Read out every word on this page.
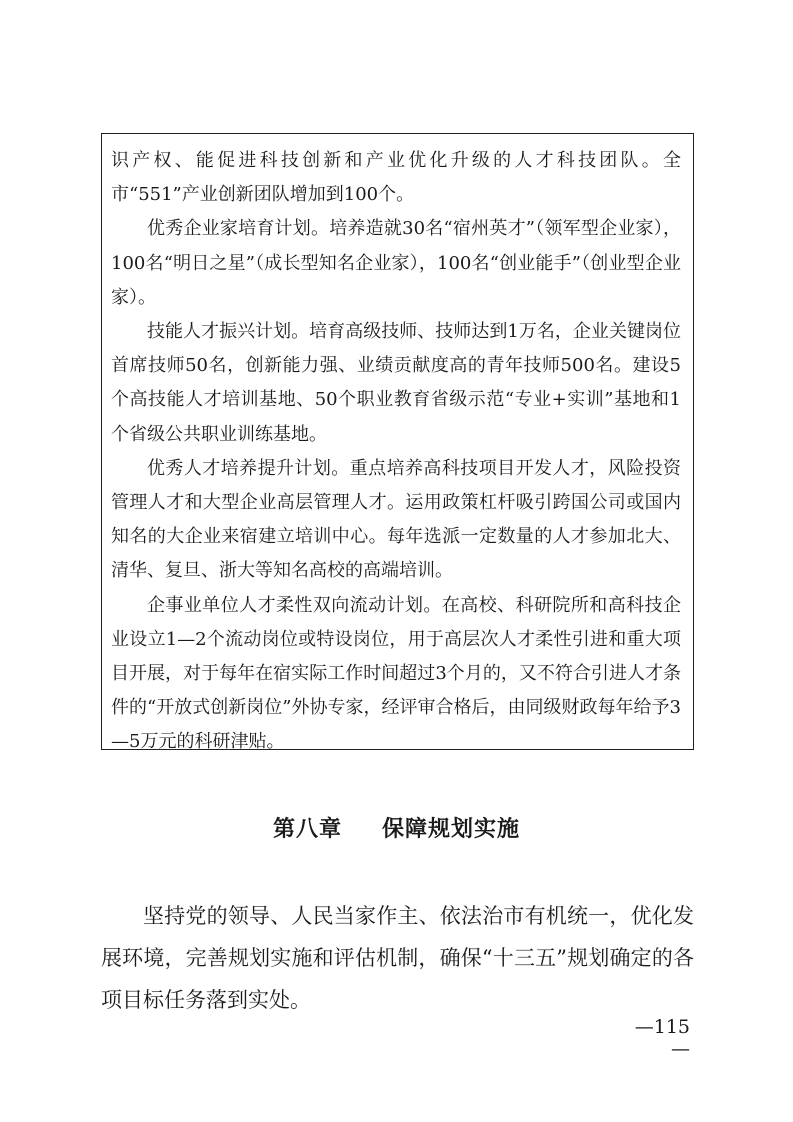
识产权、能促进科技创新和产业优化升级的人才科技团队。全市“551”产业创新团队增加到100个。

优秀企业家培育计划。培养造就30名“宿州英才”（领军型企业家），100名“明日之星”（成长型知名企业家），100名“创业能手”（创业型企业家）。

技能人才振兴计划。培育高级技师、技师达到1万名，企业关键岗位首席技师50名，创新能力强、业绩贡献度高的青年技师500名。建设5个高技能人才培训基地、50个职业教育省级示范“专业+实训”基地和1个省级公共职业训练基地。

优秀人才培养提升计划。重点培养高科技项目开发人才，风险投资管理人才和大型企业高层管理人才。运用政策杠杆吸引跨国公司或国内知名的大企业来宿建立培训中心。每年选派一定数量的人才参加北大、清华、复旦、浙大等知名高校的高端培训。

企事业单位人才柔性双向流动计划。在高校、科研院所和高科技企业设立1—2个流动岗位或特设岗位，用于高层次人才柔性引进和重大项目开展，对于每年在宿实际工作时间超过3个月的，又不符合引进人才条件的“开放式创新岗位”外协专家，经评审合格后，由同级财政每年给予3—5万元的科研津贴。

第八章 保障规划实施

坚持党的领导、人民当家作主、依法治市有机统一，优化发展环境，完善规划实施和评估机制，确保“十三五”规划确定的各项目标任务落到实处。

—115—
